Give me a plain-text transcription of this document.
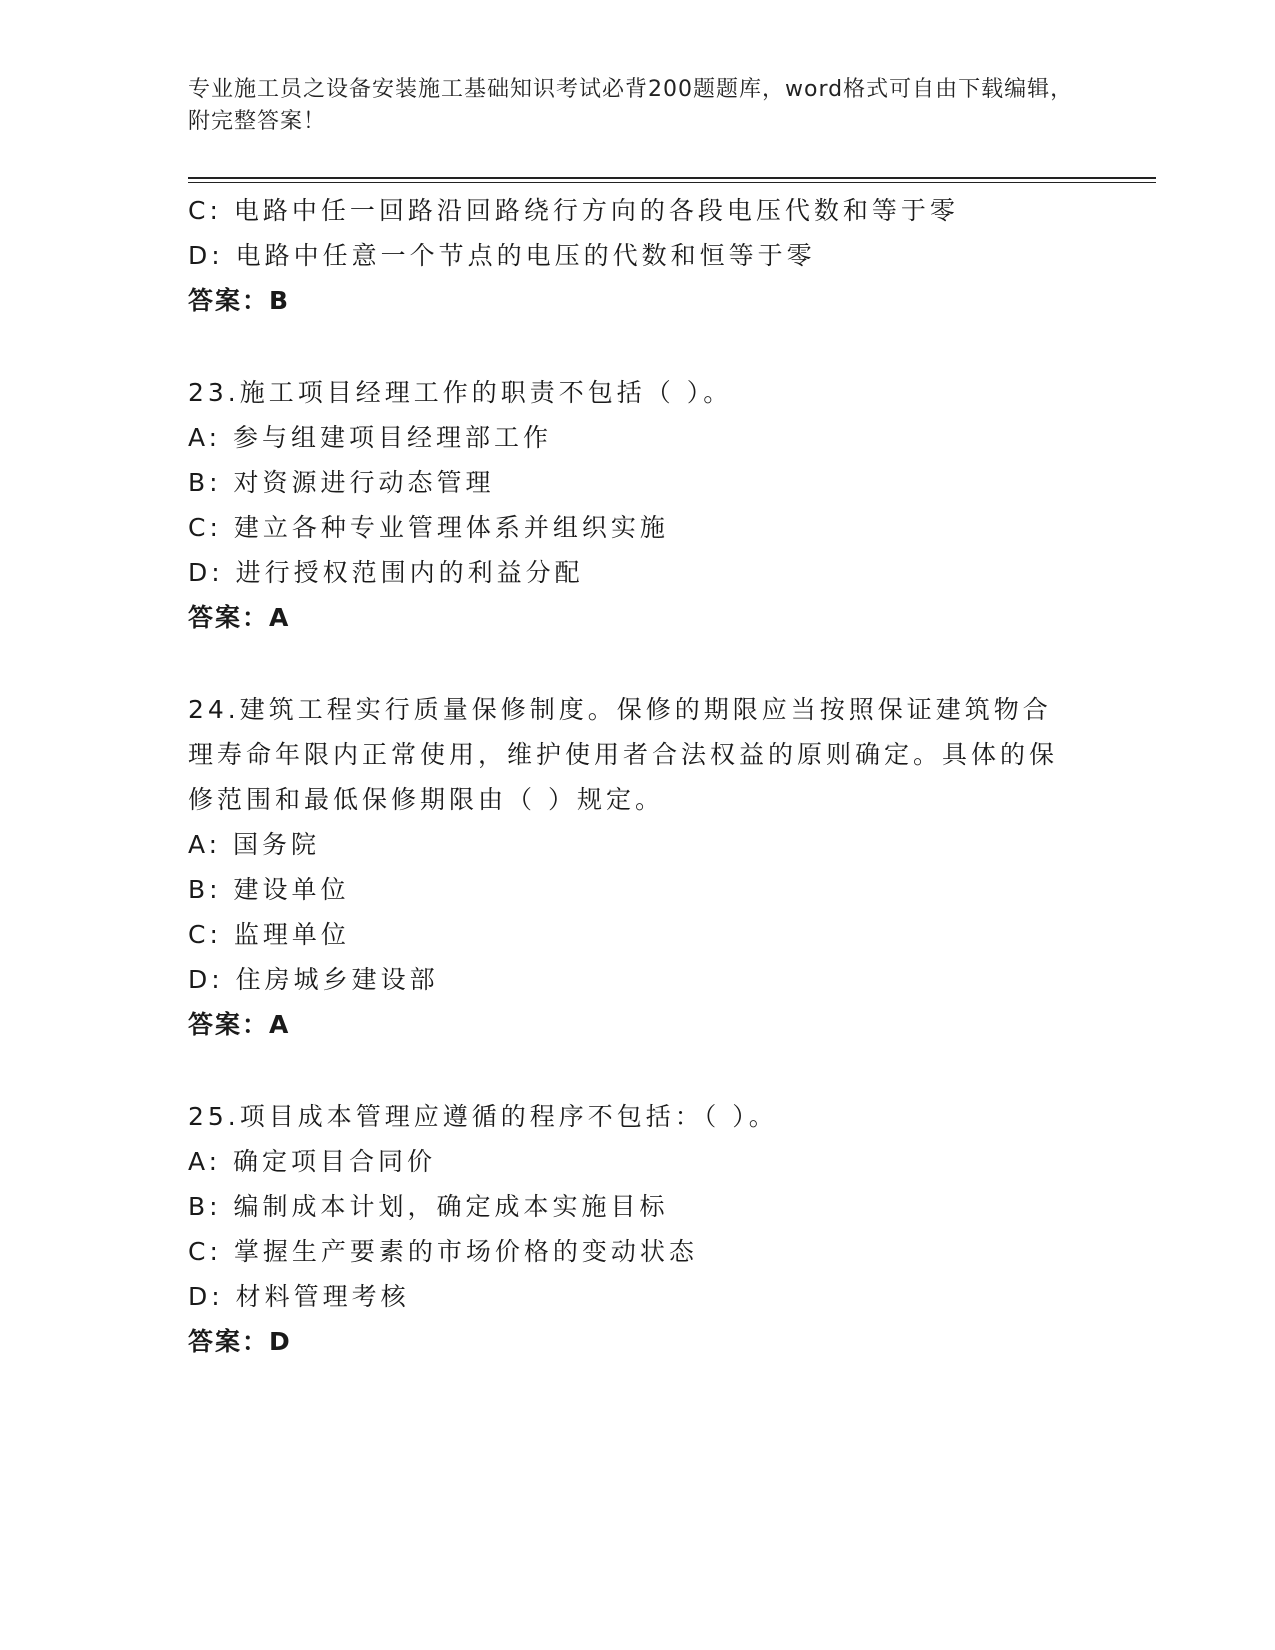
专业施工员之设备安装施工基础知识考试必背200题题库，word格式可自由下载编辑，附完整答案！
C: 电路中任一回路沿回路绕行方向的各段电压代数和等于零
D: 电路中任意一个节点的电压的代数和恒等于零
答案：B
23.施工项目经理工作的职责不包括（ ）。
A: 参与组建项目经理部工作
B: 对资源进行动态管理
C: 建立各种专业管理体系并组织实施
D: 进行授权范围内的利益分配
答案：A
24.建筑工程实行质量保修制度。保修的期限应当按照保证建筑物合理寿命年限内正常使用，维护使用者合法权益的原则确定。具体的保修范围和最低保修期限由（ ）规定。
A: 国务院
B: 建设单位
C: 监理单位
D: 住房城乡建设部
答案：A
25.项目成本管理应遵循的程序不包括：（ ）。
A: 确定项目合同价
B: 编制成本计划，确定成本实施目标
C: 掌握生产要素的市场价格的变动状态
D: 材料管理考核
答案：D
